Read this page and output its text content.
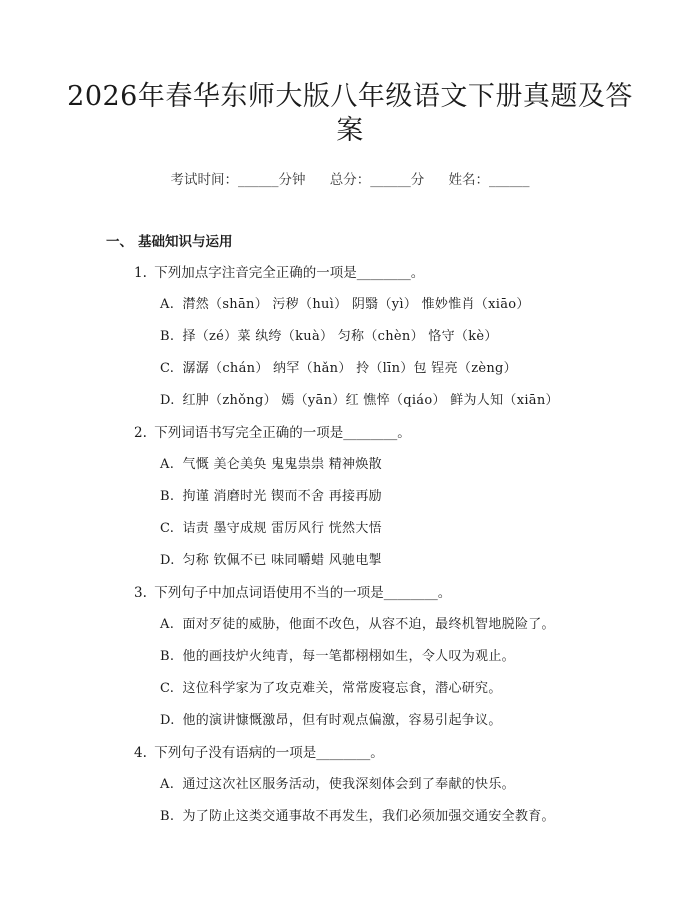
2026年春华东师大版八年级语文下册真题及答案
考试时间：______分钟 总分：______分 姓名：______
一、 基础知识与运用
1. 下列加点字注音完全正确的一项是________。
A. 潸然（shān） 污秽（huì） 阴翳（yì） 惟妙惟肖（xiāo）
B. 择（zé）菜 纨绔（kuà） 匀称（chèn） 恪守（kè）
C. 潺潺（chán） 纳罕（hǎn） 拎（līn）包 锃亮（zèng）
D. 红肿（zhǒng） 嫣（yān）红 憔悴（qiáo） 鲜为人知（xiān）
2. 下列词语书写完全正确的一项是________。
A. 气慨 美仑美奂 鬼鬼祟祟 精神焕散
B. 拘谨 消磨时光 锲而不舍 再接再励
C. 诘责 墨守成规 雷厉风行 恍然大悟
D. 匀称 钦佩不已 味同嚼蜡 风驰电掣
3. 下列句子中加点词语使用不当的一项是________。
A. 面对歹徒的威胁，他面不改色，从容不迫，最终机智地脱险了。
B. 他的画技炉火纯青，每一笔都栩栩如生，令人叹为观止。
C. 这位科学家为了攻克难关，常常废寝忘食，潜心研究。
D. 他的演讲慷慨激昂，但有时观点偏激，容易引起争议。
4. 下列句子没有语病的一项是________。
A. 通过这次社区服务活动，使我深刻体会到了奉献的快乐。
B. 为了防止这类交通事故不再发生，我们必须加强交通安全教育。
